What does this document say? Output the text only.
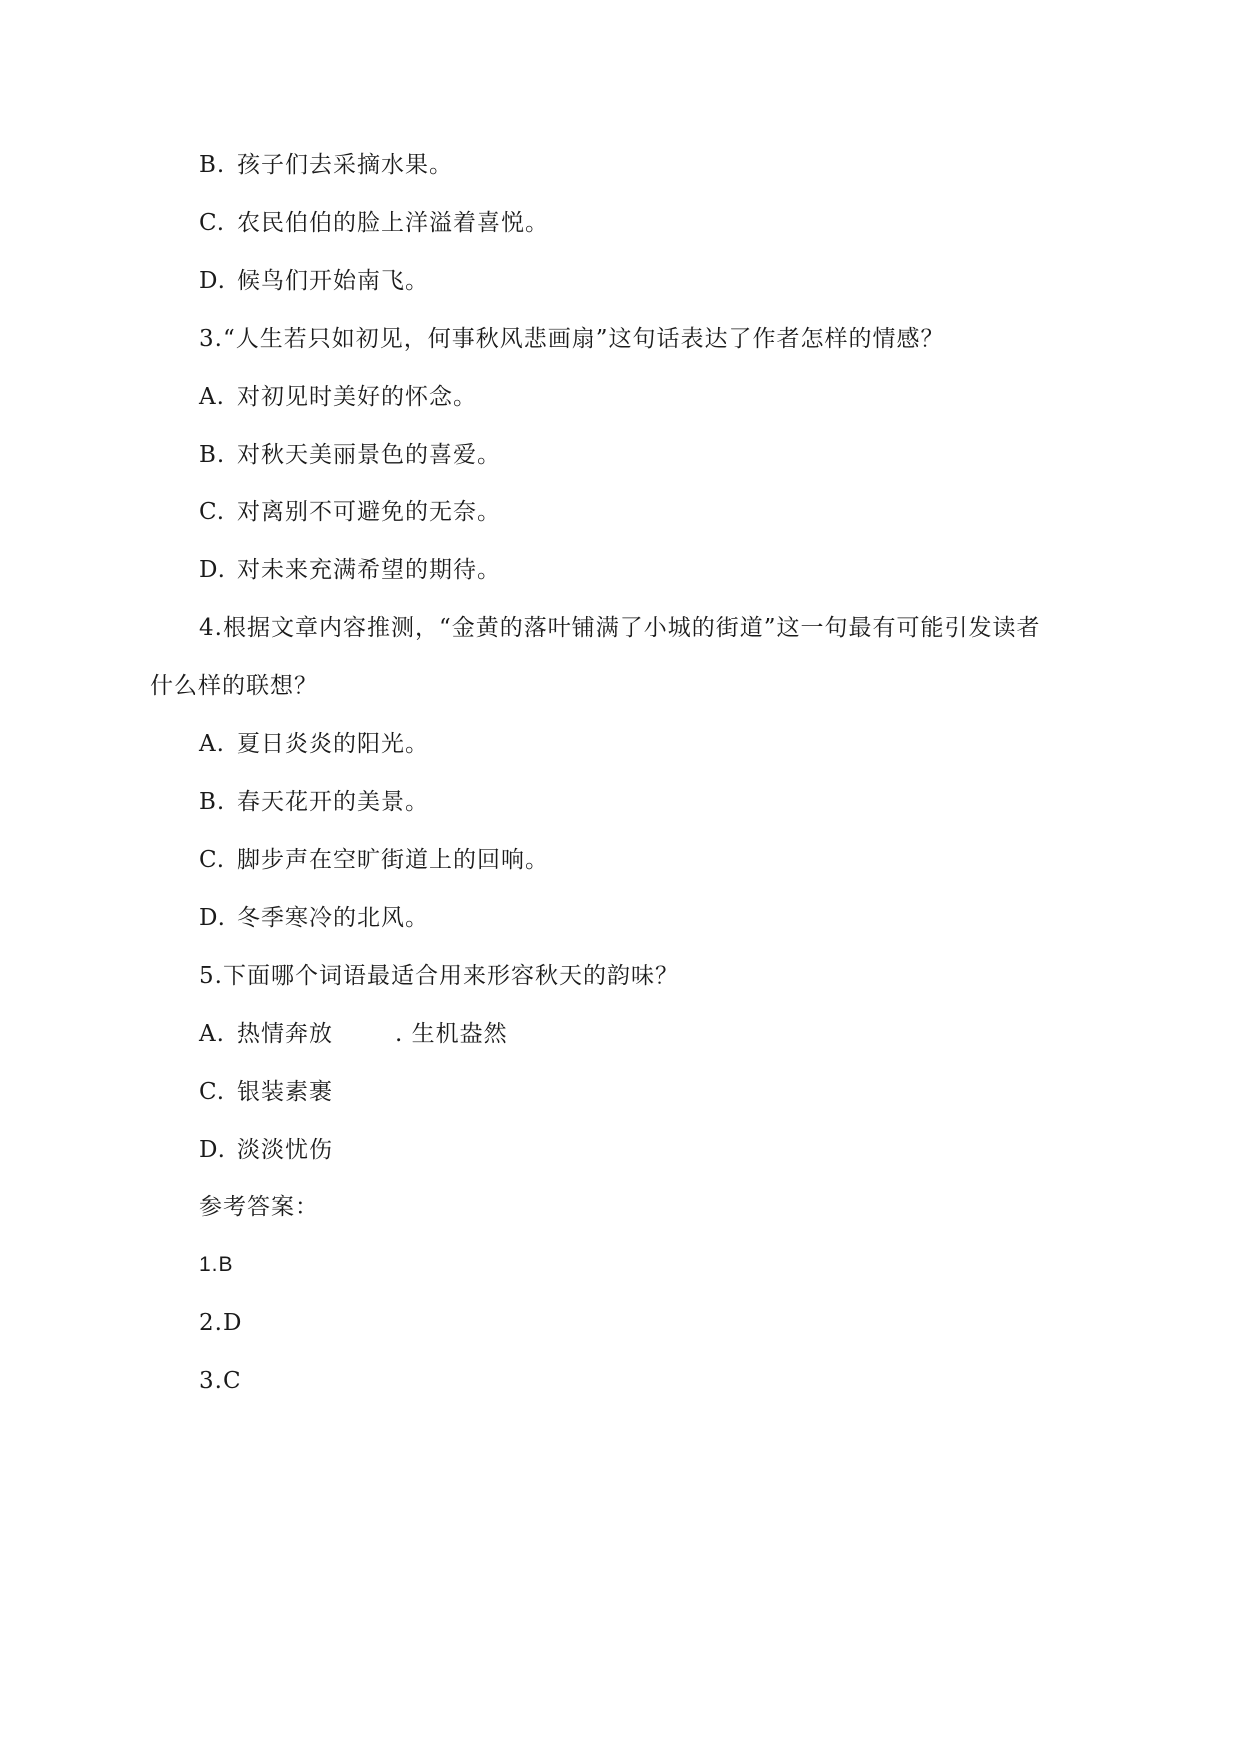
B. 孩子们去采摘水果。
C. 农民伯伯的脸上洋溢着喜悦。
D. 候鸟们开始南飞。
3.“人生若只如初见，何事秋风悲画扇”这句话表达了作者怎样的情感？
A. 对初见时美好的怀念。
B. 对秋天美丽景色的喜爱。
C. 对离别不可避免的无奈。
D. 对未来充满希望的期待。
4.根据文章内容推测，“金黄的落叶铺满了小城的街道”这一句最有可能引发读者
什么样的联想？
A. 夏日炎炎的阳光。
B. 春天花开的美景。
C. 脚步声在空旷街道上的回响。
D. 冬季寒冷的北风。
5.下面哪个词语最适合用来形容秋天的韵味？
A. 热情奔放	. 生机盎然
C. 银装素裹
D. 淡淡忧伤
参考答案：
1.B
2.D
3.C
